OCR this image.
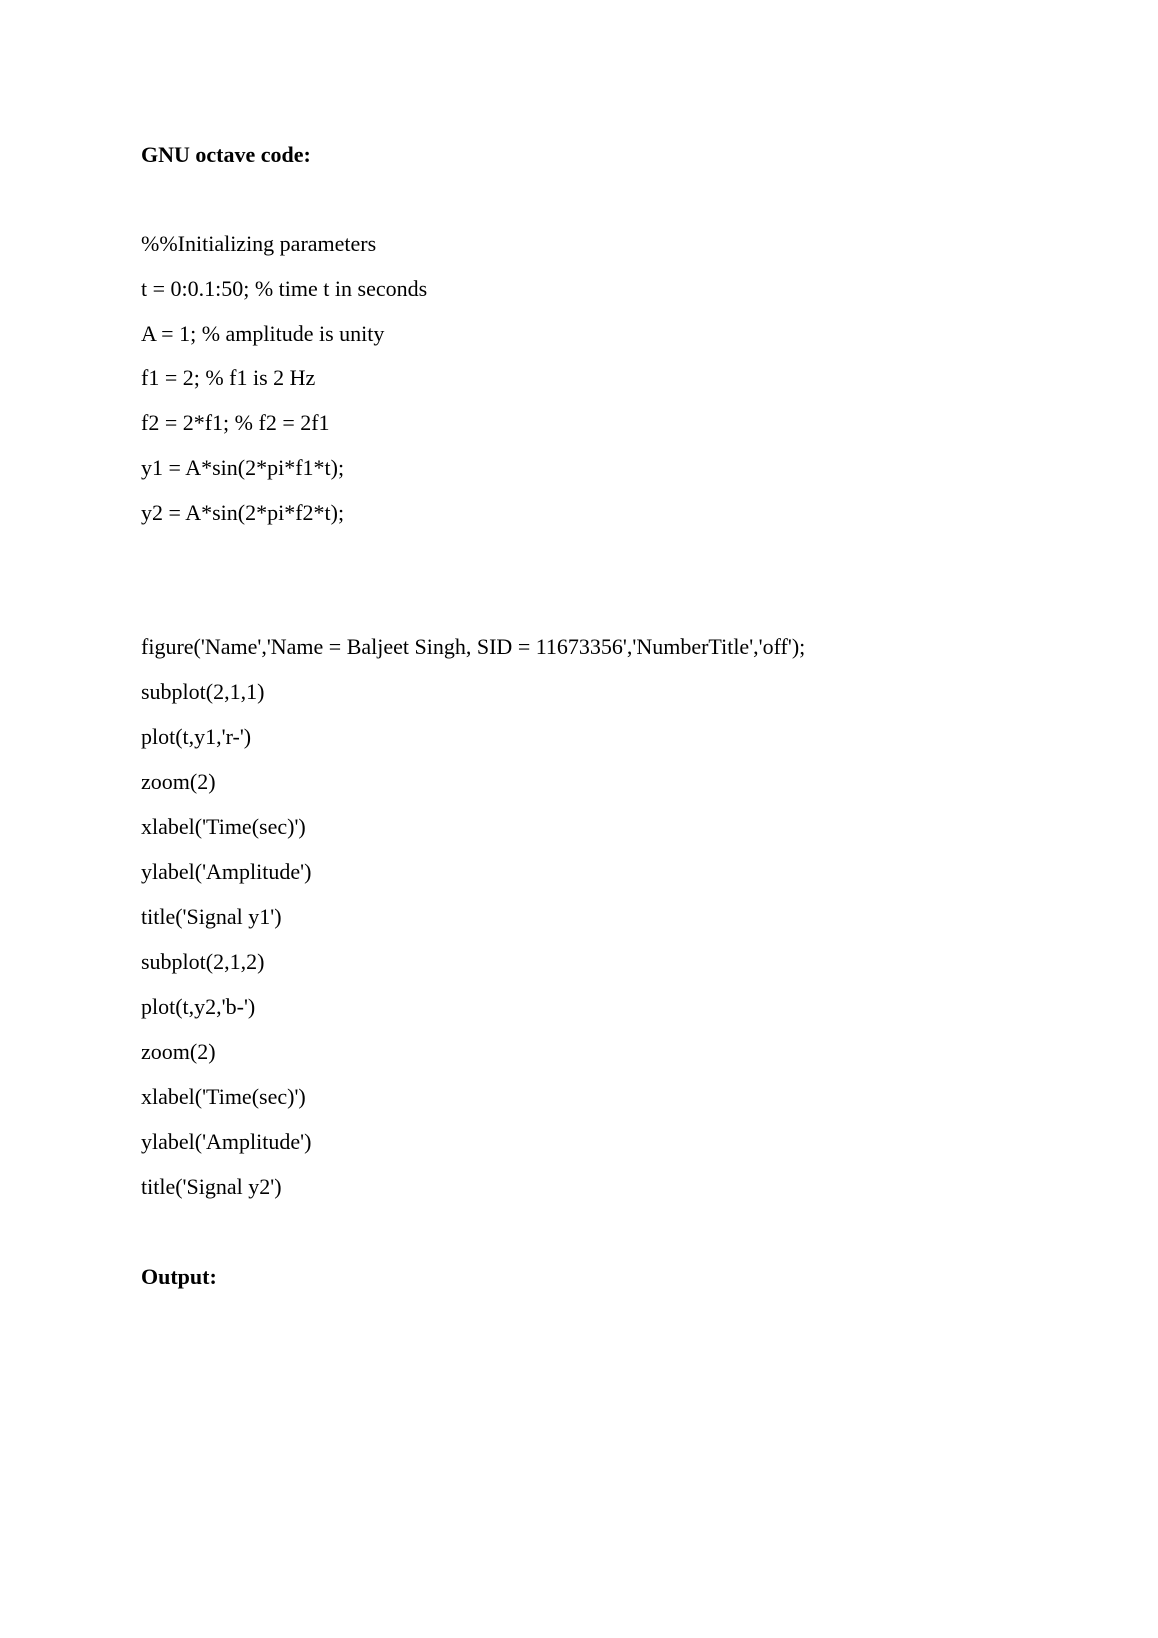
GNU octave code:
%%Initializing parameters
t = 0:0.1:50; % time t in seconds
A = 1; % amplitude is unity
f1 = 2; % f1 is 2 Hz
f2 = 2*f1; % f2 = 2f1
y1 = A*sin(2*pi*f1*t);
y2 = A*sin(2*pi*f2*t);
figure('Name','Name = Baljeet Singh, SID = 11673356','NumberTitle','off');
subplot(2,1,1)
plot(t,y1,'r-')
zoom(2)
xlabel('Time(sec)')
ylabel('Amplitude')
title('Signal y1')
subplot(2,1,2)
plot(t,y2,'b-')
zoom(2)
xlabel('Time(sec)')
ylabel('Amplitude')
title('Signal y2')
Output:
